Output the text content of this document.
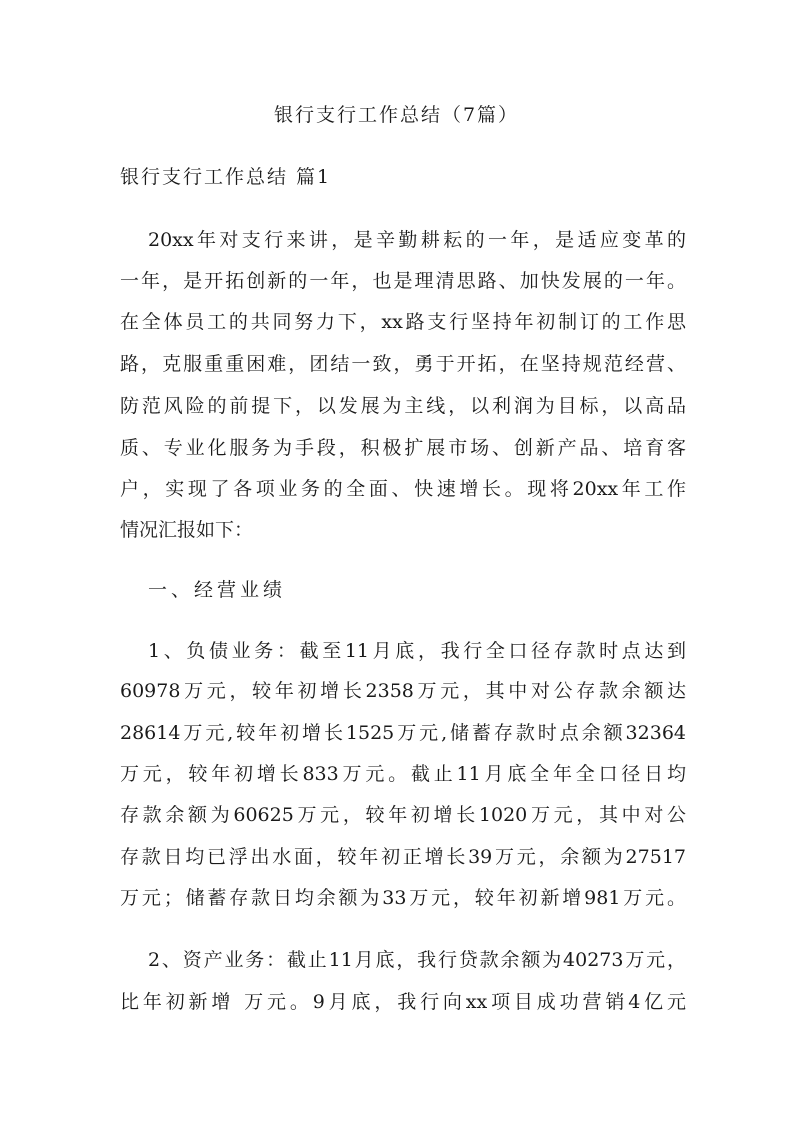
银行支行工作总结（7篇）
银行支行工作总结 篇1
20xx年对支行来讲，是辛勤耕耘的一年，是适应变革的
一年，是开拓创新的一年，也是理清思路、加快发展的一年。
在全体员工的共同努力下，xx路支行坚持年初制订的工作思
路，克服重重困难，团结一致，勇于开拓，在坚持规范经营、
防范风险的前提下，以发展为主线，以利润为目标，以高品
质、专业化服务为手段，积极扩展市场、创新产品、培育客
户，实现了各项业务的全面、快速增长。现将20xx年工作
情况汇报如下：
一、经营业绩
1、负债业务：截至11月底，我行全口径存款时点达到
60978万元，较年初增长2358万元，其中对公存款余额达
28614万元,较年初增长1525万元,储蓄存款时点余额32364
万元，较年初增长833万元。截止11月底全年全口径日均
存款余额为60625万元，较年初增长1020万元，其中对公
存款日均已浮出水面，较年初正增长39万元，余额为27517
万元；储蓄存款日均余额为33万元，较年初新增981万元。
2、资产业务：截止11月底，我行贷款余额为40273万元，
比年初新增 万元。9月底，我行向xx项目成功营销4亿元
